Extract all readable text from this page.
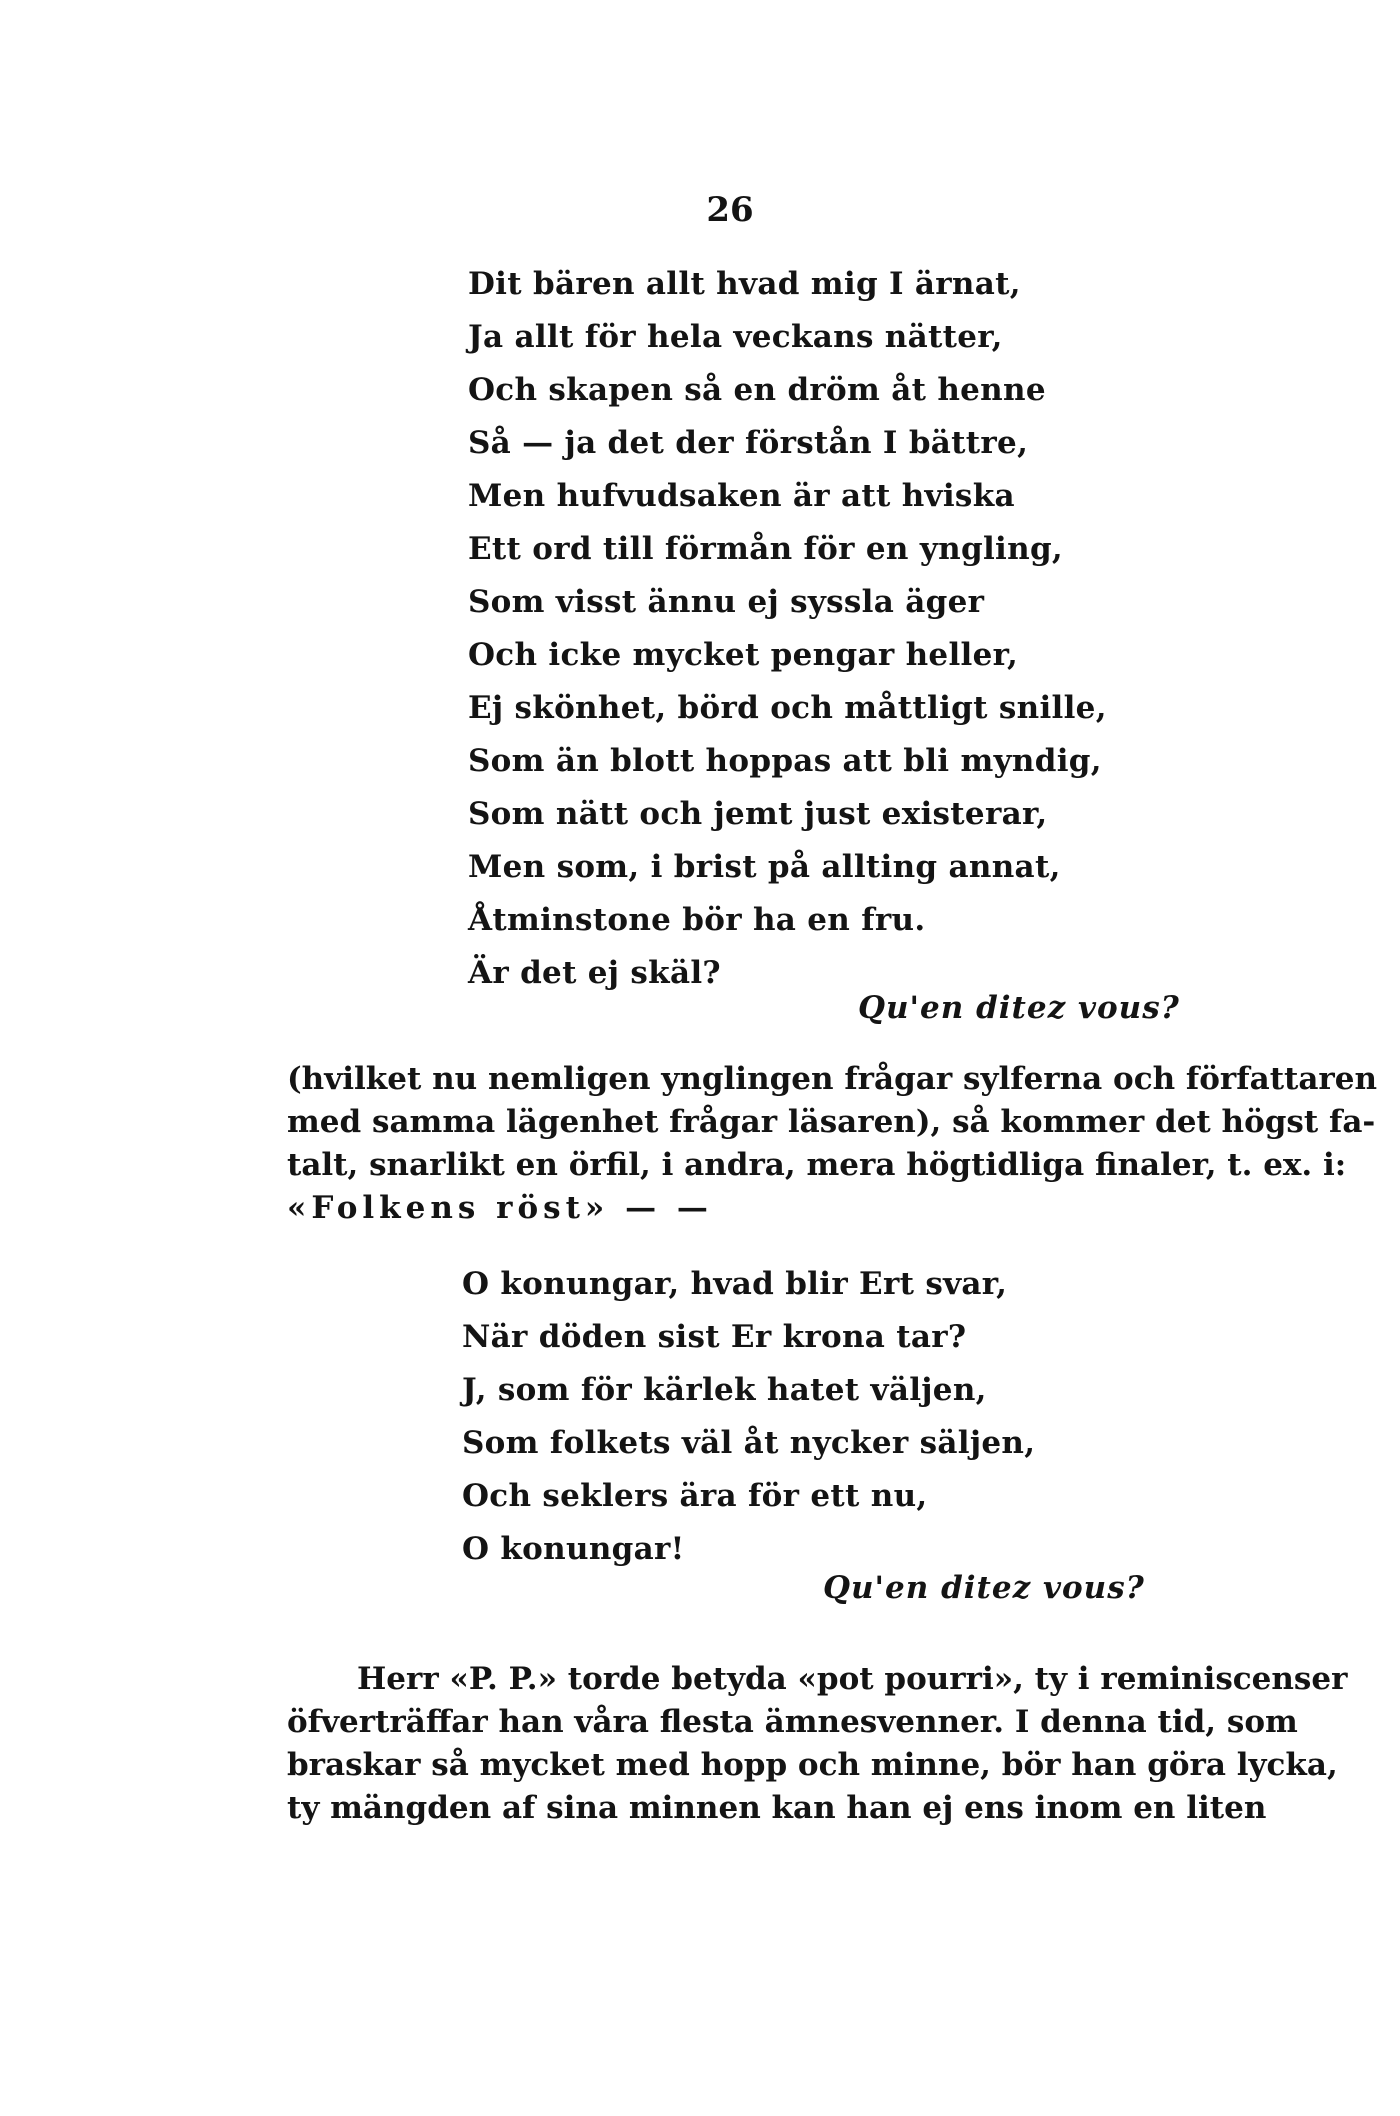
26
Dit bären allt hvad mig I ärnat,
Ja allt för hela veckans nätter,
Och skapen så en dröm åt henne
Så — ja det der förstån I bättre,
Men hufvudsaken är att hviska
Ett ord till förmån för en yngling,
Som visst ännu ej syssla äger
Och icke mycket pengar heller,
Ej skönhet, börd och måttligt snille,
Som än blott hoppas att bli myndig,
Som nätt och jemt just existerar,
Men som, i brist på allting annat,
Åtminstone bör ha en fru.
Är det ej skäl?
Qu'en ditez vous?
(hvilket nu nemligen ynglingen frågar sylferna och författaren
med samma lägenhet frågar läsaren), så kommer det högst fa-
talt, snarlikt en örfil, i andra, mera högtidliga finaler, t. ex. i:
«Folkens röst» — —
O konungar, hvad blir Ert svar,
När döden sist Er krona tar?
J, som för kärlek hatet väljen,
Som folkets väl åt nycker säljen,
Och seklers ära för ett nu,
O konungar!
Qu'en ditez vous?
Herr «P. P.» torde betyda «pot pourri», ty i reminiscenser
öfverträffar han våra flesta ämnesvenner. I denna tid, som
braskar så mycket med hopp och minne, bör han göra lycka,
ty mängden af sina minnen kan han ej ens inom en liten
